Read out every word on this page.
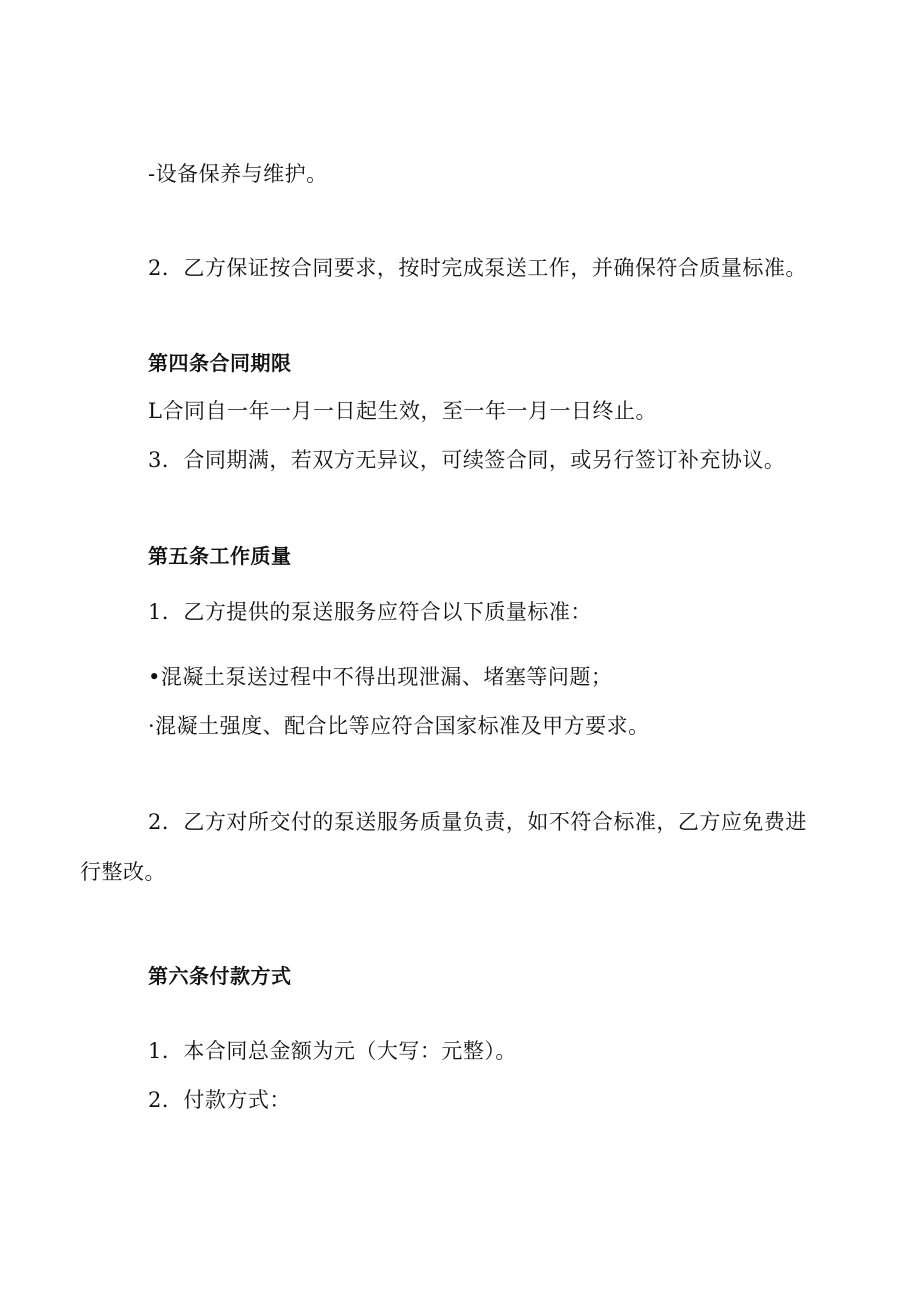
-设备保养与维护。
2．乙方保证按合同要求，按时完成泵送工作，并确保符合质量标准。
第四条合同期限
L合同自一年一月一日起生效，至一年一月一日终止。
3．合同期满，若双方无异议，可续签合同，或另行签订补充协议。
第五条工作质量
1．乙方提供的泵送服务应符合以下质量标准：
•混凝土泵送过程中不得出现泄漏、堵塞等问题；
·混凝土强度、配合比等应符合国家标准及甲方要求。
2．乙方对所交付的泵送服务质量负责，如不符合标准，乙方应免费进
行整改。
第六条付款方式
1．本合同总金额为元（大写：元整）。
2．付款方式：
